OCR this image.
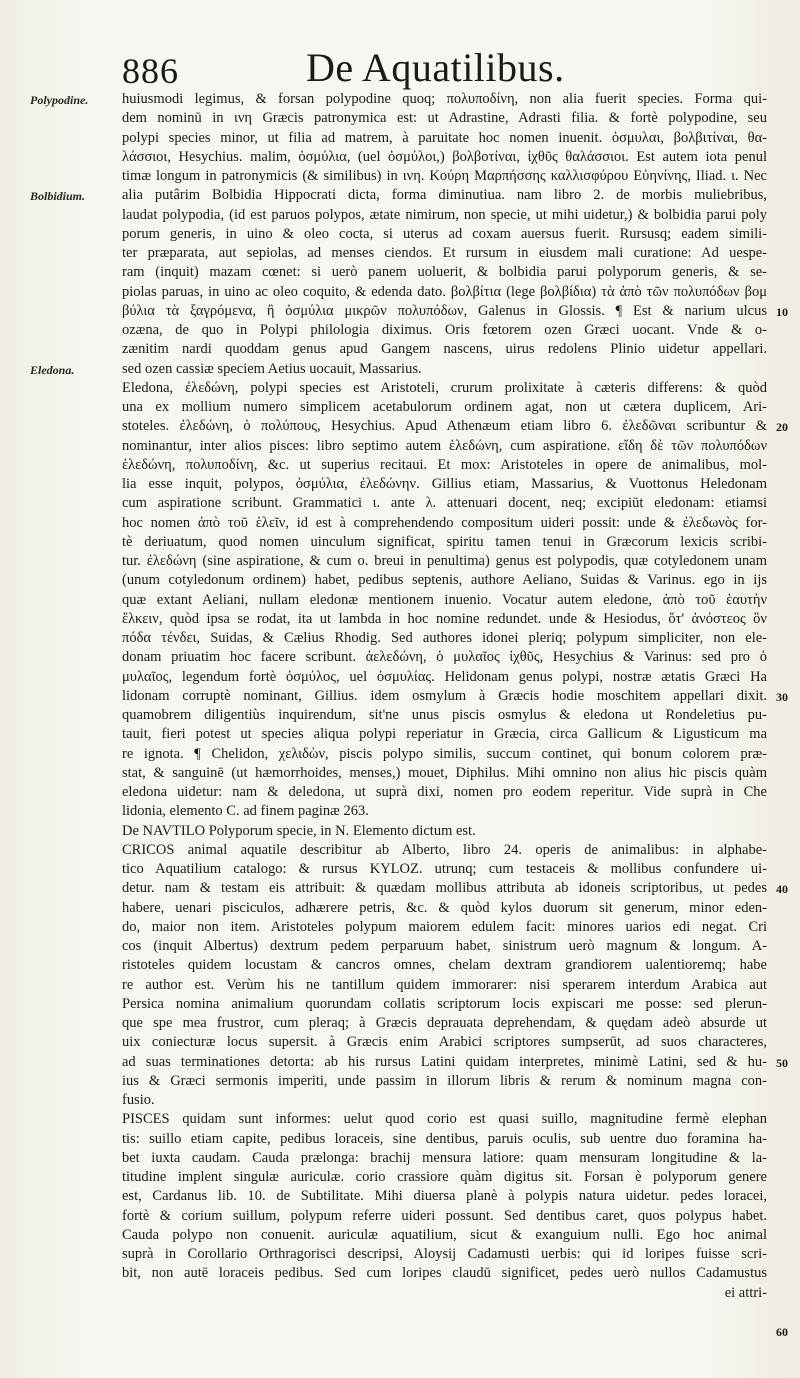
886	De Aquatilibus.
Polypodine.
Bolbidium.
Eledona.
10
20
30
40
50
60
huiusmodi legimus, & forsan polypodine quoq; πολυποδίνη, non alia fuerit species. Forma qui-
dem nominū in ινη Græcis patronymica est: ut Adrastine, Adrasti filia. & fortè polypodine, seu
polypi species minor, ut filia ad matrem, à paruitate hoc nomen inuenit. ὀσμυλαι, βολβιτίναι, θα-
λάσσιοι, Hesychius. malim, ὀσμύλια, (uel ὀσμύλοι,) βολβοτίναι, ἰχθῦς θαλάσσιοι. Est autem iota penul
timæ longum in patronymicis (& similibus) in ινη. Κούρη Μαρπήσσης καλλισφύρου Εὐηνίνης, Iliad. ι. Nec
alia putârim Bolbidia Hippocrati dicta, forma diminutiua. nam libro 2. de morbis muliebribus,
laudat polypodia, (id est paruos polypos, ætate nimirum, non specie, ut mihi uidetur,) & bolbidia parui poly
porum generis, in uino & oleo cocta, si uterus ad coxam auersus fuerit. Rursusq; eadem simili-
ter præparata, aut sepiolas, ad menses ciendos. Et rursum in eiusdem mali curatione: Ad uespe-
ram (inquit) mazam cœnet: si uerò panem uoluerit, & bolbidia parui polyporum generis, & se-
piolas paruas, in uino ac oleo coquito, & edenda dato. βολβίτια (lege βολβίδια) τὰ ἀπὸ τῶν πολυπόδων βομ
βύλια τὰ ξαγρόμενα, ἢ ὀσμύλια μικρῶν πολυπόδων, Galenus in Glossis. ¶ Est & narium ulcus
ozæna, de quo in Polypi philologia diximus. Oris fœtorem ozen Græci uocant. Vnde & o-
zænitim nardi quoddam genus apud Gangem nascens, uirus redolens Plinio uidetur appellari.
sed ozen cassiæ speciem Aetius uocauit, Massarius.
Eledona, ἐλεδώνη, polypi species est Aristoteli, crurum prolixitate à cæteris differens: & quòd
una ex mollium numero simplicem acetabulorum ordinem agat, non ut cætera duplicem, Ari-
stoteles. ἐλεδώνη, ὁ πολύπους, Hesychius. Apud Athenæum etiam libro 6. ἐλεδῶναι scribuntur &
nominantur, inter alios pisces: libro septimo autem ἑλεδώνη, cum aspiratione. εἴδη δὲ τῶν πολυπόδων
ἑλεδώνη, πολυποδίνη, &c. ut superius recitaui. Et mox: Aristoteles in opere de animalibus, mol-
lia esse inquit, polypos, ὀσμύλια, ἐλεδώνην. Gillius etiam, Massarius, & Vuottonus Heledonam
cum aspiratione scribunt. Grammatici ι. ante λ. attenuari docent, neq; excipiūt eledonam: etiamsi
hoc nomen ἀπὸ τοῦ ἑλεῖν, id est à comprehendendo compositum uideri possit: unde & ἐλεδωνὸς for-
tè deriuatum, quod nomen uinculum significat, spiritu tamen tenui in Græcorum lexicis scribi-
tur. ἐλεδώνη (sine aspiratione, & cum o. breui in penultima) genus est polypodis, quæ cotyledonem unam
(unum cotyledonum ordinem) habet, pedibus septenis, authore Aeliano, Suidas & Varinus. ego in ijs
quæ extant Aeliani, nullam eledonæ mentionem inuenio. Vocatur autem eledone, ἀπὸ τοῦ ἑαυτὴν
ἕλκειν, quòd ipsa se rodat, ita ut lambda in hoc nomine redundet. unde & Hesiodus, ὅτ' ἀνόστεος ὃν
πόδα τένδει, Suidas, & Cælius Rhodig. Sed authores idonei pleriq; polypum simpliciter, non ele-
donam priuatim hoc facere scribunt. ἀελεδώνη, ὁ μυλαῖος ἰχθῦς, Hesychius & Varinus: sed pro ὁ
μυλαῖος, legendum fortè ὀσμύλος, uel ὀσμυλίας. Helidonam genus polypi, nostræ ætatis Græci Ha
lidonam corruptè nominant, Gillius. idem osmylum à Græcis hodie moschitem appellari dixit.
quamobrem diligentiùs inquirendum, sit'ne unus piscis osmylus & eledona ut Rondeletius pu-
tauit, fieri potest ut species aliqua polypi reperiatur in Græcia, circa Gallicum & Ligusticum ma
re ignota. ¶ Chelidon, χελιδὼν, piscis polypo similis, succum continet, qui bonum colorem præ-
stat, & sanguinē (ut hæmorrhoides, menses,) mouet, Diphilus. Mihi omnino non alius hic piscis quàm
eledona uidetur: nam & deledona, ut suprà dixi, nomen pro eodem reperitur. Vide suprà in Che
lidonia, elemento C. ad finem paginæ 263.
De NAVTILO Polyporum specie, in N. Elemento dictum est.
CRICOS animal aquatile describitur ab Alberto, libro 24. operis de animalibus: in alphabe-
tico Aquatilium catalogo: & rursus KYLOZ. utrunq; cum testaceis & mollibus confundere ui-
detur. nam & testam eis attribuit: & quædam mollibus attributa ab idoneis scriptoribus, ut pedes
habere, uenari pisciculos, adhærere petris, &c. & quòd kylos duorum sit generum, minor eden-
do, maior non item. Aristoteles polypum maiorem edulem facit: minores uarios edi negat. Cri
cos (inquit Albertus) dextrum pedem perparuum habet, sinistrum uerò magnum & longum. A-
ristoteles quidem locustam & cancros omnes, chelam dextram grandiorem ualentioremq; habe
re author est. Verùm his ne tantillum quidem immorarer: nisi sperarem interdum Arabica aut
Persica nomina animalium quorundam collatis scriptorum locis expiscari me posse: sed plerun-
que spe mea frustror, cum pleraq; à Græcis deprauata deprehendam, & quędam adeò absurde ut
uix coniecturæ locus supersit. à Græcis enim Arabici scriptores sumpserūt, ad suos characteres,
ad suas terminationes detorta: ab his rursus Latini quidam interpretes, minimè Latini, sed & hu-
ius & Græci sermonis imperiti, unde passim in illorum libris & rerum & nominum magna con-
fusio.
PISCES quidam sunt informes: uelut quod corio est quasi suillo, magnitudine fermè elephan
tis: suillo etiam capite, pedibus loraceis, sine dentibus, paruis oculis, sub uentre duo foramina ha-
bet iuxta caudam. Cauda prælonga: brachij mensura latiore: quam mensuram longitudine & la-
titudine implent singulæ auriculæ. corio crassiore quàm digitus sit. Forsan è polyporum genere
est, Cardanus lib. 10. de Subtilitate. Mihi diuersa planè à polypis natura uidetur. pedes loracei,
fortè & corium suillum, polypum referre uideri possunt. Sed dentibus caret, quos polypus habet.
Cauda polypo non conuenit. auriculæ aquatilium, sicut & exanguium nulli. Ego hoc animal
suprà in Corollario Orthragorisci descripsi, Aloysij Cadamusti uerbis: qui id loripes fuisse scri-
bit, non autē loraceis pedibus. Sed cum loripes claudū significet, pedes uerò nullos Cadamustus
ei attri-
